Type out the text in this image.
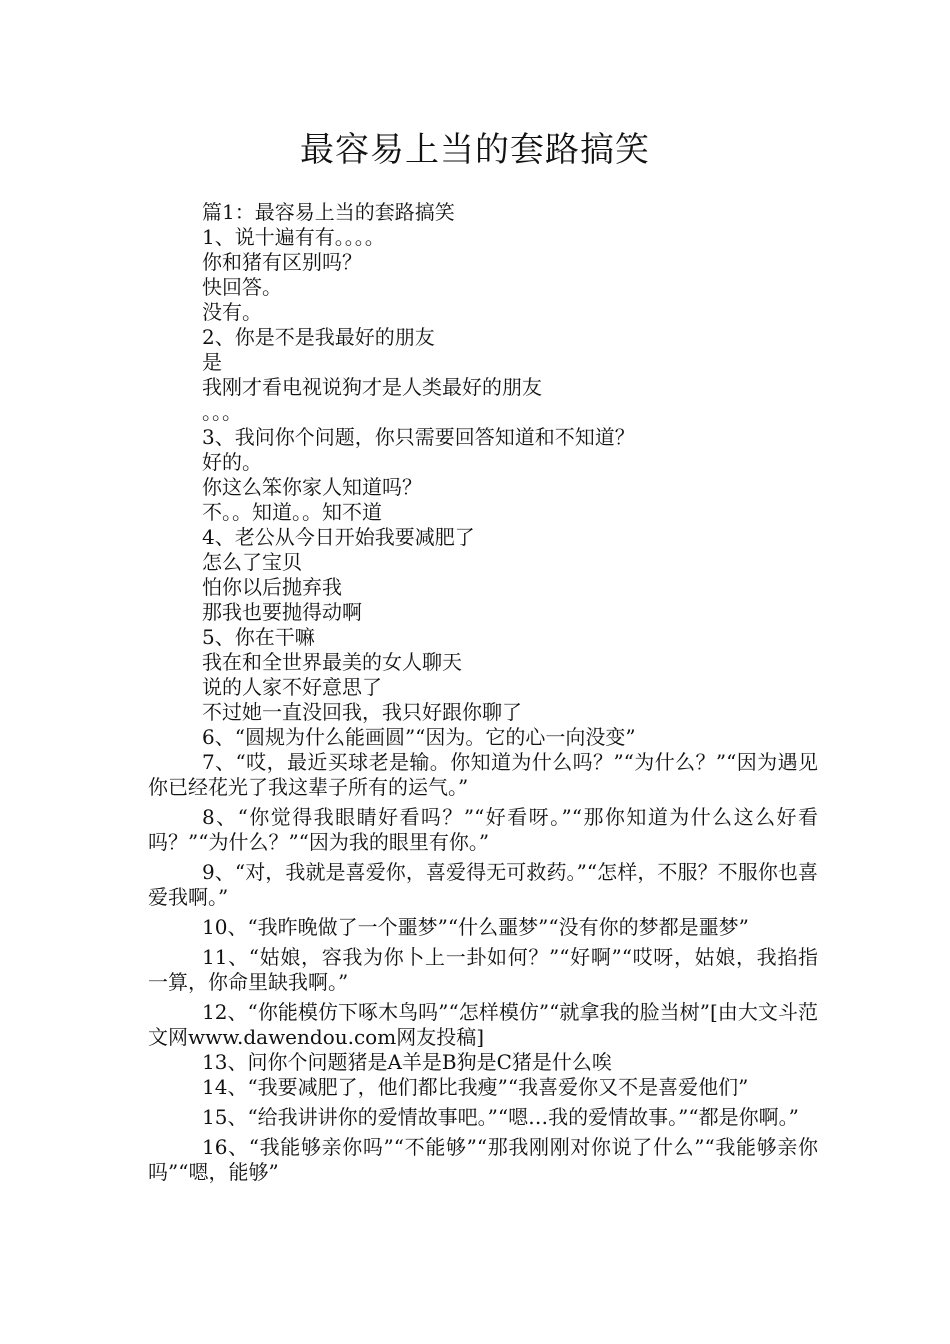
最容易上当的套路搞笑
篇1：最容易上当的套路搞笑
1、说十遍有有。。。。
你和猪有区别吗？
快回答。
没有。
2、你是不是我最好的朋友
是
我刚才看电视说狗才是人类最好的朋友
。。。
3、我问你个问题，你只需要回答知道和不知道？
好的。
你这么笨你家人知道吗？
不。。知道。。知不道
4、老公从今日开始我要减肥了
怎么了宝贝
怕你以后抛弃我
那我也要抛得动啊
5、你在干嘛
我在和全世界最美的女人聊天
说的人家不好意思了
不过她一直没回我，我只好跟你聊了
6、“圆规为什么能画圆”“因为。它的心一向没变”
7、“哎，最近买球老是输。你知道为什么吗？”“为什么？”“因为遇见你已经花光了我这辈子所有的运气。”
8、“你觉得我眼睛好看吗？”“好看呀。”“那你知道为什么这么好看吗？”“为什么？”“因为我的眼里有你。”
9、“对，我就是喜爱你，喜爱得无可救药。”“怎样，不服？不服你也喜爱我啊。”
10、“我昨晚做了一个噩梦”“什么噩梦”“没有你的梦都是噩梦”
11、“姑娘，容我为你卜上一卦如何？”“好啊”“哎呀，姑娘，我掐指一算，你命里缺我啊。”
12、“你能模仿下啄木鸟吗”“怎样模仿”“就拿我的脸当树”[由大文斗范文网www.dawendou.com网友投稿]
13、问你个问题猪是A羊是B狗是C猪是什么唉
14、“我要减肥了，他们都比我瘦”“我喜爱你又不是喜爱他们”
15、“给我讲讲你的爱情故事吧。”“嗯…我的爱情故事。”“都是你啊。”
16、“我能够亲你吗”“不能够”“那我刚刚对你说了什么”“我能够亲你吗”“嗯，能够”
